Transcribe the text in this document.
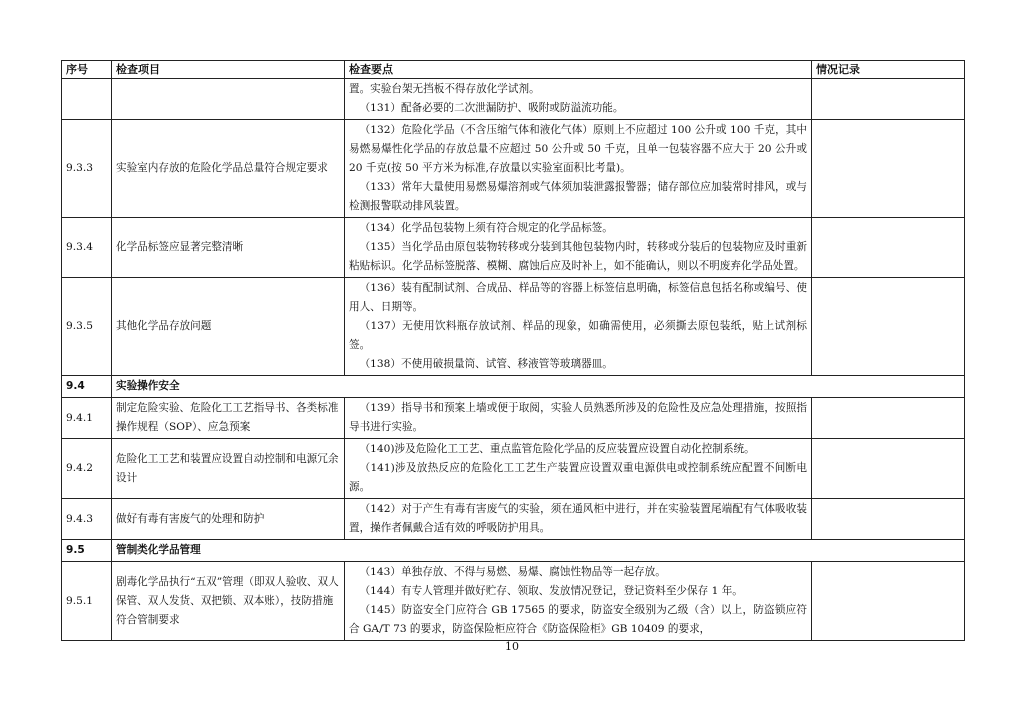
序号	检查项目	检查要点	情况记录

		置。实验台架无挡板不得存放化学试剂。
（131）配备必要的二次泄漏防护、吸附或防溢流功能。	

9.3.3	实验室内存放的危险化学品总量符合规定要求	（132）危险化学品（不含压缩气体和液化气体）原则上不应超过 100 公升或 100 千克，其中易燃易爆性化学品的存放总量不应超过 50 公升或 50 千克，且单一包装容器不应大于 20 公升或 20 千克(按 50 平方米为标准,存放量以实验室面积比考量)。
（133）常年大量使用易燃易爆溶剂或气体须加装泄露报警器；储存部位应加装常时排风，或与检测报警联动排风装置。	

9.3.4	化学品标签应显著完整清晰	（134）化学品包装物上须有符合规定的化学品标签。
（135）当化学品由原包装物转移或分装到其他包装物内时，转移或分装后的包装物应及时重新粘贴标识。化学品标签脱落、模糊、腐蚀后应及时补上，如不能确认，则以不明废弃化学品处置。	

9.3.5	其他化学品存放问题	（136）装有配制试剂、合成品、样品等的容器上标签信息明确，标签信息包括名称或编号、使用人、日期等。
（137）无使用饮料瓶存放试剂、样品的现象，如确需使用，必须撕去原包装纸，贴上试剂标签。
（138）不使用破损量筒、试管、移液管等玻璃器皿。	

9.4	实验操作安全		
9.4.1	制定危险实验、危险化工工艺指导书、各类标准操作规程（SOP）、应急预案	（139）指导书和预案上墙或便于取阅，实验人员熟悉所涉及的危险性及应急处理措施，按照指导书进行实验。	

9.4.2	危险化工工艺和装置应设置自动控制和电源冗余设计	（140)涉及危险化工工艺、重点监管危险化学品的反应装置应设置自动化控制系统。
（141)涉及放热反应的危险化工工艺生产装置应设置双重电源供电或控制系统应配置不间断电源。	

9.4.3	做好有毒有害废气的处理和防护	（142）对于产生有毒有害废气的实验，须在通风柜中进行，并在实验装置尾端配有气体吸收装置，操作者佩戴合适有效的呼吸防护用具。	

9.5	管制类化学品管理		
9.5.1	剧毒化学品执行“五双”管理（即双人验收、双人保管、双人发货、双把锁、双本账），技防措施符合管制要求	（143）单独存放、不得与易燃、易爆、腐蚀性物品等一起存放。
（144）有专人管理并做好贮存、领取、发放情况登记，登记资料至少保存 1 年。
（145）防盗安全门应符合 GB 17565 的要求，防盗安全级别为乙级（含）以上，防盗锁应符合 GA/T 73 的要求，防盗保险柜应符合《防盗保险柜》GB 10409 的要求，	

10
